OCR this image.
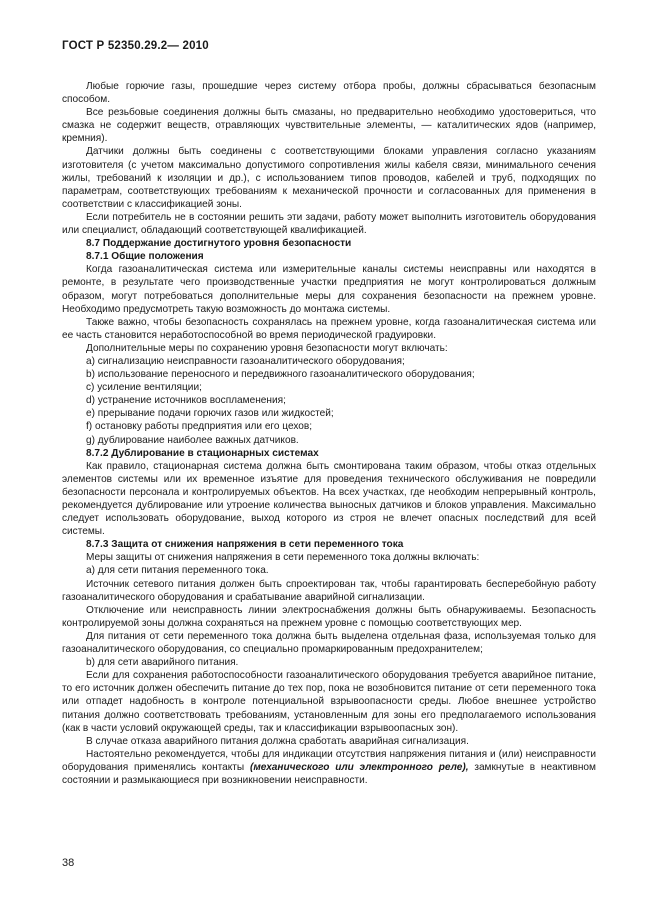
ГОСТ Р 52350.29.2— 2010

Любые горючие газы, прошедшие через систему отбора пробы, должны сбрасываться безопасным способом.

Все резьбовые соединения должны быть смазаны, но предварительно необходимо удостовериться, что смазка не содержит веществ, отравляющих чувствительные элементы, — каталитических ядов (например, кремния).

Датчики должны быть соединены с соответствующими блоками управления согласно указаниям изготовителя (с учетом максимально допустимого сопротивления жилы кабеля связи, минимального сечения жилы, требований к изоляции и др.), с использованием типов проводов, кабелей и труб, подходящих по параметрам, соответствующих требованиям к механической прочности и согласованных для применения в соответствии с классификацией зоны.

Если потребитель не в состоянии решить эти задачи, работу может выполнить изготовитель оборудования или специалист, обладающий соответствующей квалификацией.

8.7 Поддержание достигнутого уровня безопасности

8.7.1 Общие положения

Когда газоаналитическая система или измерительные каналы системы неисправны или находятся в ремонте, в результате чего производственные участки предприятия не могут контролироваться должным образом, могут потребоваться дополнительные меры для сохранения безопасности на прежнем уровне. Необходимо предусмотреть такую возможность до монтажа системы.

Также важно, чтобы безопасность сохранялась на прежнем уровне, когда газоаналитическая система или ее часть становится неработоспособной во время периодической градуировки.

Дополнительные меры по сохранению уровня безопасности могут включать:

a) сигнализацию неисправности газоаналитического оборудования;

b) использование переносного и передвижного газоаналитического оборудования;

c) усиление вентиляции;

d) устранение источников воспламенения;

e) прерывание подачи горючих газов или жидкостей;

f) остановку работы предприятия или его цехов;

g) дублирование наиболее важных датчиков.

8.7.2 Дублирование в стационарных системах

Как правило, стационарная система должна быть смонтирована таким образом, чтобы отказ отдельных элементов системы или их временное изъятие для проведения технического обслуживания не повредили безопасности персонала и контролируемых объектов. На всех участках, где необходим непрерывный контроль, рекомендуется дублирование или утроение количества выносных датчиков и блоков управления. Максимально следует использовать оборудование, выход которого из строя не влечет опасных последствий для всей системы.

8.7.3 Защита от снижения напряжения в сети переменного тока

Меры защиты от снижения напряжения в сети переменного тока должны включать:

a) для сети питания переменного тока.

Источник сетевого питания должен быть спроектирован так, чтобы гарантировать бесперебойную работу газоаналитического оборудования и срабатывание аварийной сигнализации.

Отключение или неисправность линии электроснабжения должны быть обнаруживаемы. Безопасность контролируемой зоны должна сохраняться на прежнем уровне с помощью соответствующих мер.

Для питания от сети переменного тока должна быть выделена отдельная фаза, используемая только для газоаналитического оборудования, со специально промаркированным предохранителем;

b) для сети аварийного питания.

Если для сохранения работоспособности газоаналитического оборудования требуется аварийное питание, то его источник должен обеспечить питание до тех пор, пока не возобновится питание от сети переменного тока или отпадет надобность в контроле потенциальной взрывоопасности среды. Любое внешнее устройство питания должно соответствовать требованиям, установленным для зоны его предполагаемого использования (как в части условий окружающей среды, так и классификации взрывоопасных зон).

В случае отказа аварийного питания должна сработать аварийная сигнализация.

Настоятельно рекомендуется, чтобы для индикации отсутствия напряжения питания и (или) неисправности оборудования применялись контакты (механического или электронного реле), замкнутые в неактивном состоянии и размыкающиеся при возникновении неисправности.

38
